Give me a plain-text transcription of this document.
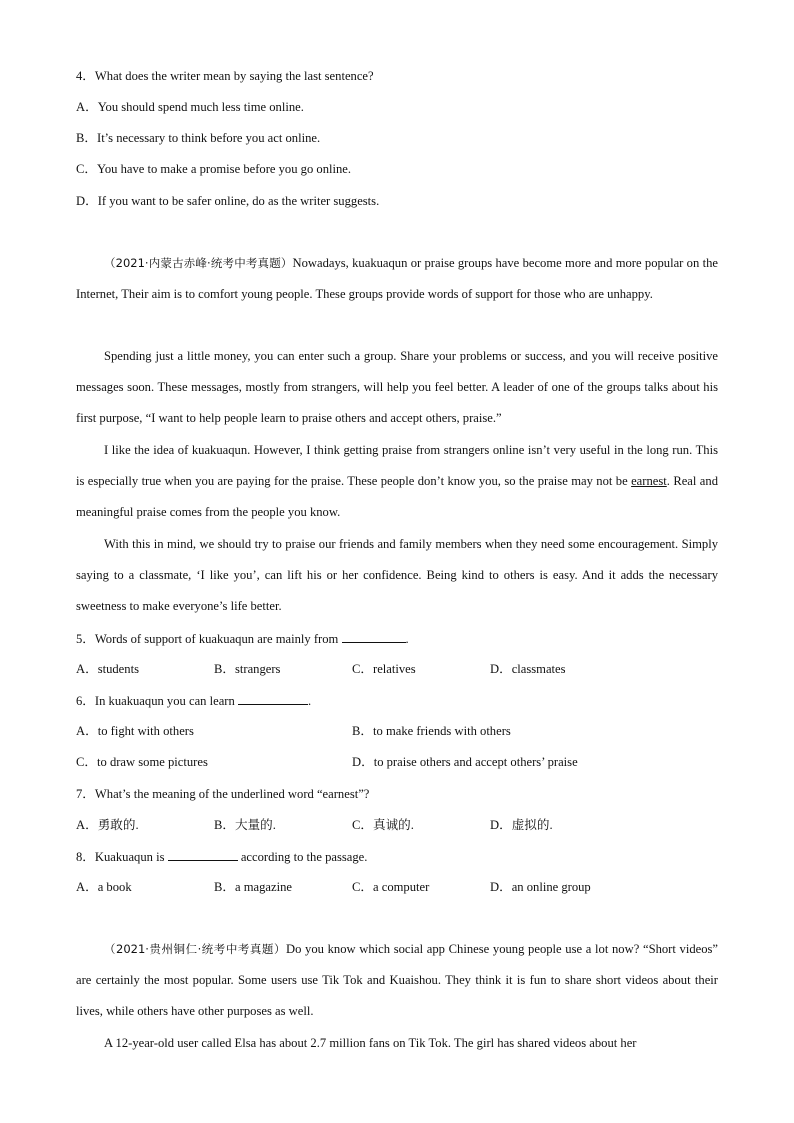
4．What does the writer mean by saying the last sentence?
A．You should spend much less time online.
B．It’s necessary to think before you act online.
C．You have to make a promise before you go online.
D．If you want to be safer online, do as the writer suggests.
（2021·内蒙古赤峰·统考中考真题）Nowadays, kuakuaqun or praise groups have become more and more popular on the Internet, Their aim is to comfort young people. These groups provide words of support for those who are unhappy.
Spending just a little money, you can enter such a group. Share your problems or success, and you will receive positive messages soon. These messages, mostly from strangers, will help you feel better. A leader of one of the groups talks about his first purpose, “I want to help people learn to praise others and accept others, praise.”
I like the idea of kuakuaqun. However, I think getting praise from strangers online isn’t very useful in the long run. This is especially true when you are paying for the praise. These people don’t know you, so the praise may not be earnest. Real and meaningful praise comes from the people you know.
With this in mind, we should try to praise our friends and family members when they need some encouragement. Simply saying to a classmate, ‘I like you’, can lift his or her confidence. Being kind to others is easy. And it adds the necessary sweetness to make everyone’s life better.
5．Words of support of kuakuaqun are mainly from	.
A．students	B．strangers	C．relatives	D．classmates
6．In kuakuaqun you can learn	.
A．to fight with others	B．to make friends with others
C．to draw some pictures	D．to praise others and accept others’ praise
7．What’s the meaning of the underlined word “earnest”?
A．勇敢的.	B．大量的.	C．真诚的.	D．虚拟的.
8．Kuakuaqun is	according to the passage.
A．a book	B．a magazine	C．a computer	D．an online group
（2021·贵州铜仁·统考中考真题）Do you know which social app Chinese young people use a lot now? “Short videos” are certainly the most popular. Some users use Tik Tok and Kuaishou. They think it is fun to share short videos about their lives, while others have other purposes as well.
A 12-year-old user called Elsa has about 2.7 million fans on Tik Tok. The girl has shared videos about her
